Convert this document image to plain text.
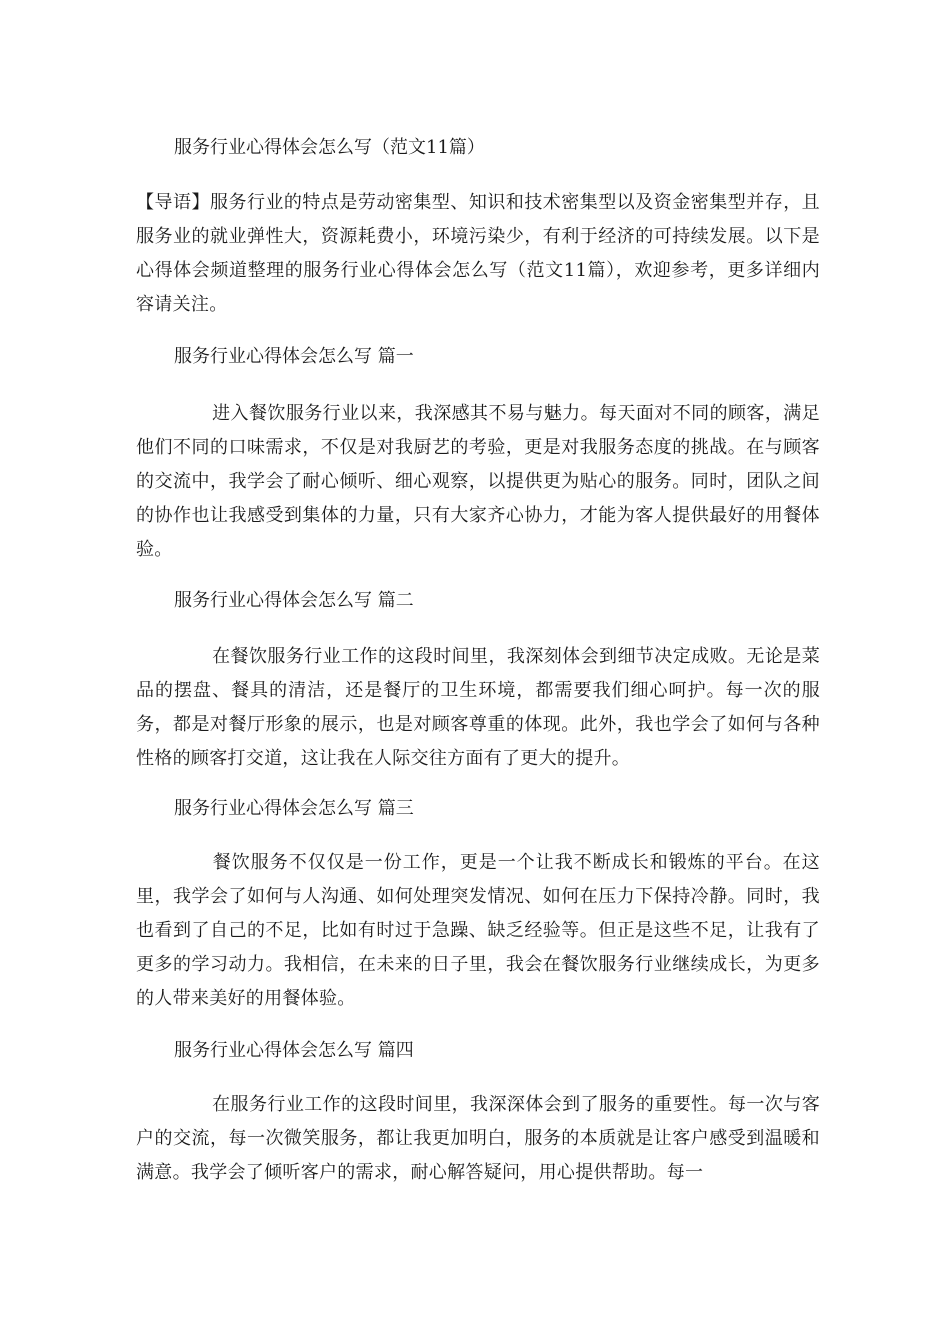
服务行业心得体会怎么写（范文11篇）
【导语】服务行业的特点是劳动密集型、知识和技术密集型以及资金密集型并存，且服务业的就业弹性大，资源耗费小，环境污染少，有利于经济的可持续发展。以下是心得体会频道整理的服务行业心得体会怎么写（范文11篇），欢迎参考，更多详细内容请关注。
服务行业心得体会怎么写 篇一
进入餐饮服务行业以来，我深感其不易与魅力。每天面对不同的顾客，满足他们不同的口味需求，不仅是对我厨艺的考验，更是对我服务态度的挑战。在与顾客的交流中，我学会了耐心倾听、细心观察，以提供更为贴心的服务。同时，团队之间的协作也让我感受到集体的力量，只有大家齐心协力，才能为客人提供最好的用餐体验。
服务行业心得体会怎么写 篇二
在餐饮服务行业工作的这段时间里，我深刻体会到细节决定成败。无论是菜品的摆盘、餐具的清洁，还是餐厅的卫生环境，都需要我们细心呵护。每一次的服务，都是对餐厅形象的展示，也是对顾客尊重的体现。此外，我也学会了如何与各种性格的顾客打交道，这让我在人际交往方面有了更大的提升。
服务行业心得体会怎么写 篇三
餐饮服务不仅仅是一份工作，更是一个让我不断成长和锻炼的平台。在这里，我学会了如何与人沟通、如何处理突发情况、如何在压力下保持冷静。同时，我也看到了自己的不足，比如有时过于急躁、缺乏经验等。但正是这些不足，让我有了更多的学习动力。我相信，在未来的日子里，我会在餐饮服务行业继续成长，为更多的人带来美好的用餐体验。
服务行业心得体会怎么写 篇四
在服务行业工作的这段时间里，我深深体会到了服务的重要性。每一次与客户的交流，每一次微笑服务，都让我更加明白，服务的本质就是让客户感受到温暖和满意。我学会了倾听客户的需求，耐心解答疑问，用心提供帮助。每一
